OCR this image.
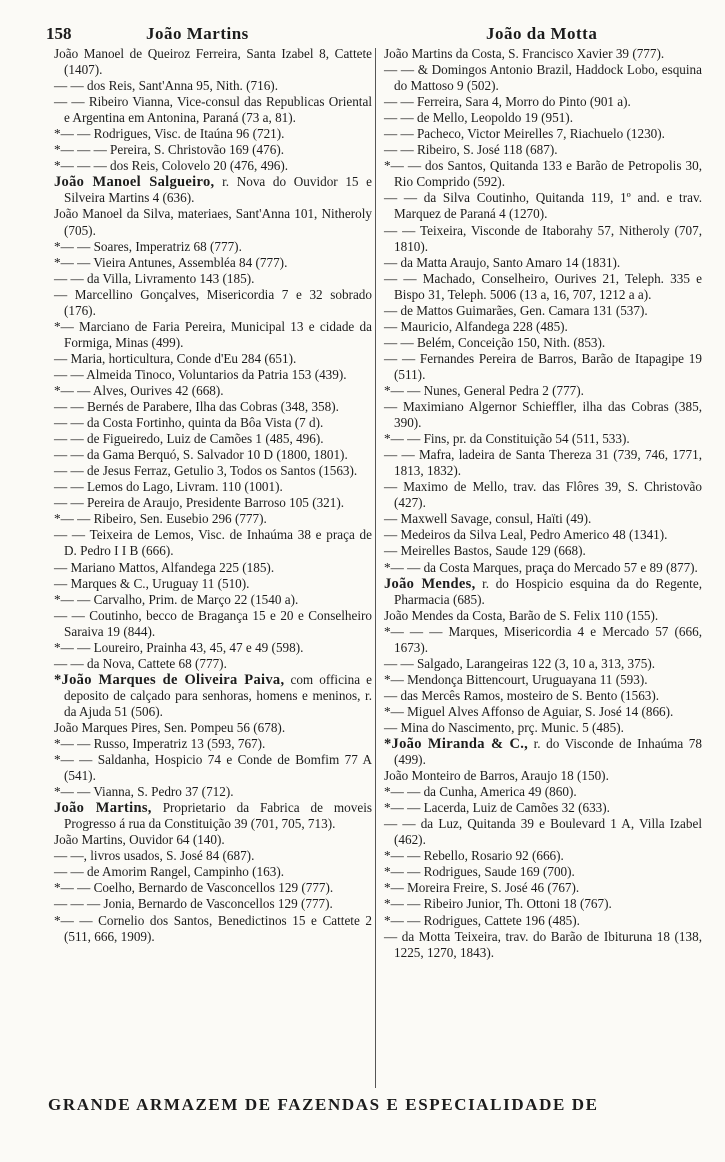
158	João Martins	João da Motta

João Manoel de Queiroz Ferreira, Santa Izabel 8, Cattete (1407).

— — dos Reis, Sant'Anna 95, Nith. (716).

— — Ribeiro Vianna, Vice-consul das Republicas Oriental e Argentina em Antonina, Paraná (73 a, 81).

*— — Rodrigues, Visc. de Itaúna 96 (721).

*— — — Pereira, S. Christovão 169 (476).

*— — — dos Reis, Colovelo 20 (476, 496).

João Manoel Salgueiro, r. Nova do Ouvidor 15 e Silveira Martins 4 (636).

João Manoel da Silva, materiaes, Sant'Anna 101, Nitheroly (705).

*— — Soares, Imperatriz 68 (777).

*— — Vieira Antunes, Assembléa 84 (777).

— — da Villa, Livramento 143 (185).

— Marcellino Gonçalves, Misericordia 7 e 32 sobrado (176).

*— Marciano de Faria Pereira, Municipal 13 e cidade da Formiga, Minas (499).

— Maria, horticultura, Conde d'Eu 284 (651).

— — Almeida Tinoco, Voluntarios da Patria 153 (439).

*— — Alves, Ourives 42 (668).

— — Bernés de Parabere, Ilha das Cobras (348, 358).

— — da Costa Fortinho, quinta da Bôa Vista (7 d).

— — de Figueiredo, Luiz de Camões 1 (485, 496).

— — da Gama Berquó, S. Salvador 10 D (1800, 1801).

— — de Jesus Ferraz, Getulio 3, Todos os Santos (1563).

— — Lemos do Lago, Livram. 110 (1001).

— — Pereira de Araujo, Presidente Barroso 105 (321).

*— — Ribeiro, Sen. Eusebio 296 (777).

— — Teixeira de Lemos, Visc. de Inhaúma 38 e praça de D. Pedro I I B (666).

— Mariano Mattos, Alfandega 225 (185).

— Marques & C., Uruguay 11 (510).

*— — Carvalho, Prim. de Março 22 (1540 a).

— — Coutinho, becco de Bragança 15 e 20 e Conselheiro Saraiva 19 (844).

*— — Loureiro, Prainha 43, 45, 47 e 49 (598).

— — da Nova, Cattete 68 (777).

*João Marques de Oliveira Paiva, com officina e deposito de calçado para senhoras, homens e meninos, r. da Ajuda 51 (506).

João Marques Pires, Sen. Pompeu 56 (678).

*— — Russo, Imperatriz 13 (593, 767).

*— — Saldanha, Hospicio 74 e Conde de Bomfim 77 A (541).

*— — Vianna, S. Pedro 37 (712).

João Martins, Proprietario da Fabrica de moveis Progresso á rua da Constituição 39 (701, 705, 713).

João Martins, Ouvidor 64 (140).

— —, livros usados, S. José 84 (687).

— — de Amorim Rangel, Campinho (163).

*— — Coelho, Bernardo de Vasconcellos 129 (777).

— — — Jonia, Bernardo de Vasconcellos 129 (777).

*— — Cornelio dos Santos, Benedictinos 15 e Cattete 2 (511, 666, 1909).

João Martins da Costa, S. Francisco Xavier 39 (777).

— — & Domingos Antonio Brazil, Haddock Lobo, esquina do Mattoso 9 (502).

— — Ferreira, Sara 4, Morro do Pinto (901 a).

— — de Mello, Leopoldo 19 (951).

— — Pacheco, Victor Meirelles 7, Riachuelo (1230).

— — Ribeiro, S. José 118 (687).

*— — dos Santos, Quitanda 133 e Barão de Petropolis 30, Rio Comprido (592).

— — da Silva Coutinho, Quitanda 119, 1º and. e trav. Marquez de Paraná 4 (1270).

— — Teixeira, Visconde de Itaborahy 57, Nitheroly (707, 1810).

— da Matta Araujo, Santo Amaro 14 (1831).

— — Machado, Conselheiro, Ourives 21, Teleph. 335 e Bispo 31, Teleph. 5006 (13 a, 16, 707, 1212 a a).

— de Mattos Guimarães, Gen. Camara 131 (537).

— Mauricio, Alfandega 228 (485).

— — Belém, Conceição 150, Nith. (853).

— — Fernandes Pereira de Barros, Barão de Itapagipe 19 (511).

*— — Nunes, General Pedra 2 (777).

— Maximiano Algernor Schieffler, ilha das Cobras (385, 390).

*— — Fins, pr. da Constituição 54 (511, 533).

— — Mafra, ladeira de Santa Thereza 31 (739, 746, 1771, 1813, 1832).

— Maximo de Mello, trav. das Flôres 39, S. Christovão (427).

— Maxwell Savage, consul, Haïti (49).

— Medeiros da Silva Leal, Pedro Americo 48 (1341).

— Meirelles Bastos, Saude 129 (668).

*— — da Costa Marques, praça do Mercado 57 e 89 (877).

João Mendes, r. do Hospicio esquina da do Regente, Pharmacia (685).

João Mendes da Costa, Barão de S. Felix 110 (155).

*— — — Marques, Misericordia 4 e Mercado 57 (666, 1673).

— — Salgado, Larangeiras 122 (3, 10 a, 313, 375).

*— Mendonça Bittencourt, Uruguayana 11 (593).

— das Mercês Ramos, mosteiro de S. Bento (1563).

*— Miguel Alves Affonso de Aguiar, S. José 14 (866).

— Mina do Nascimento, prç. Munic. 5 (485).

*João Miranda & C., r. do Visconde de Inhaúma 78 (499).

João Monteiro de Barros, Araujo 18 (150).

*— — da Cunha, America 49 (860).

*— — Lacerda, Luiz de Camões 32 (633).

— — da Luz, Quitanda 39 e Boulevard 1 A, Villa Izabel (462).

*— — Rebello, Rosario 92 (666).

*— — Rodrigues, Saude 169 (700).

*— Moreira Freire, S. José 46 (767).

*— — Ribeiro Junior, Th. Ottoni 18 (767).

*— — Rodrigues, Cattete 196 (485).

— da Motta Teixeira, trav. do Barão de Ibituruna 18 (138, 1225, 1270, 1843).

GRANDE ARMAZEM DE FAZENDAS E ESPECIALIDADE DE
